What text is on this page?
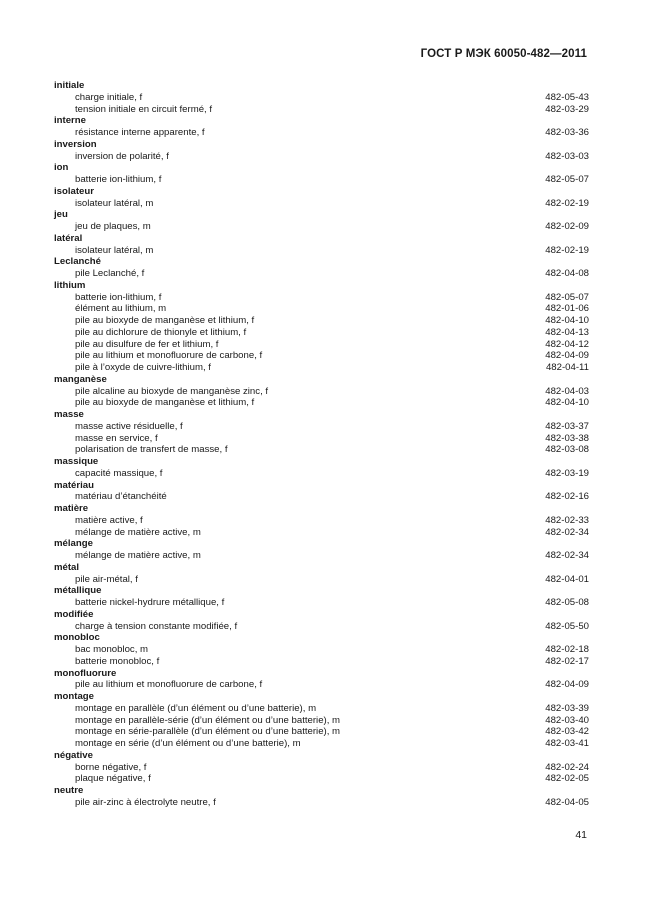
ГОСТ Р МЭК 60050-482—2011
initiale
charge initiale, f	482-05-43
tension initiale en circuit fermé, f	482-03-29
interne
résistance interne apparente, f	482-03-36
inversion
inversion de polarité, f	482-03-03
ion
batterie ion-lithium, f	482-05-07
isolateur
isolateur latéral, m	482-02-19
jeu
jeu de plaques, m	482-02-09
latéral
isolateur latéral, m	482-02-19
Leclanché
pile Leclanché, f	482-04-08
lithium
batterie ion-lithium, f	482-05-07
élément au lithium, m	482-01-06
pile au bioxyde de manganèse et lithium, f	482-04-10
pile au dichlorure de thionyle et lithium, f	482-04-13
pile au disulfure de fer et lithium, f	482-04-12
pile au lithium et monofluorure de carbone, f	482-04-09
pile à l’oxyde de cuivre-lithium, f	482-04-11
manganèse
pile alcaline au bioxyde de manganèse zinc, f	482-04-03
pile au bioxyde de manganèse et lithium, f	482-04-10
masse
masse active résiduelle, f	482-03-37
masse en service, f	482-03-38
polarisation de transfert de masse, f	482-03-08
massique
capacité massique, f	482-03-19
matériau
matériau d’étanchéité	482-02-16
matière
matière active, f	482-02-33
mélange de matière active, m	482-02-34
mélange
mélange de matière active, m	482-02-34
métal
pile air-métal, f	482-04-01
métallique
batterie nickel-hydrure métallique, f	482-05-08
modifiée
charge à tension constante modifiée, f	482-05-50
monobloc
bac monobloc, m	482-02-18
batterie monobloc, f	482-02-17
monofluorure
pile au lithium et monofluorure de carbone, f	482-04-09
montage
montage en parallèle (d’un élément ou d’une batterie), m	482-03-39
montage en parallèle-série (d’un élément ou d’une batterie), m	482-03-40
montage en série-parallèle (d’un élément ou d’une batterie), m	482-03-42
montage en série (d’un élément ou d’une batterie), m	482-03-41
négative
borne négative, f	482-02-24
plaque négative, f	482-02-05
neutre
pile air-zinc à électrolyte neutre, f	482-04-05
41
